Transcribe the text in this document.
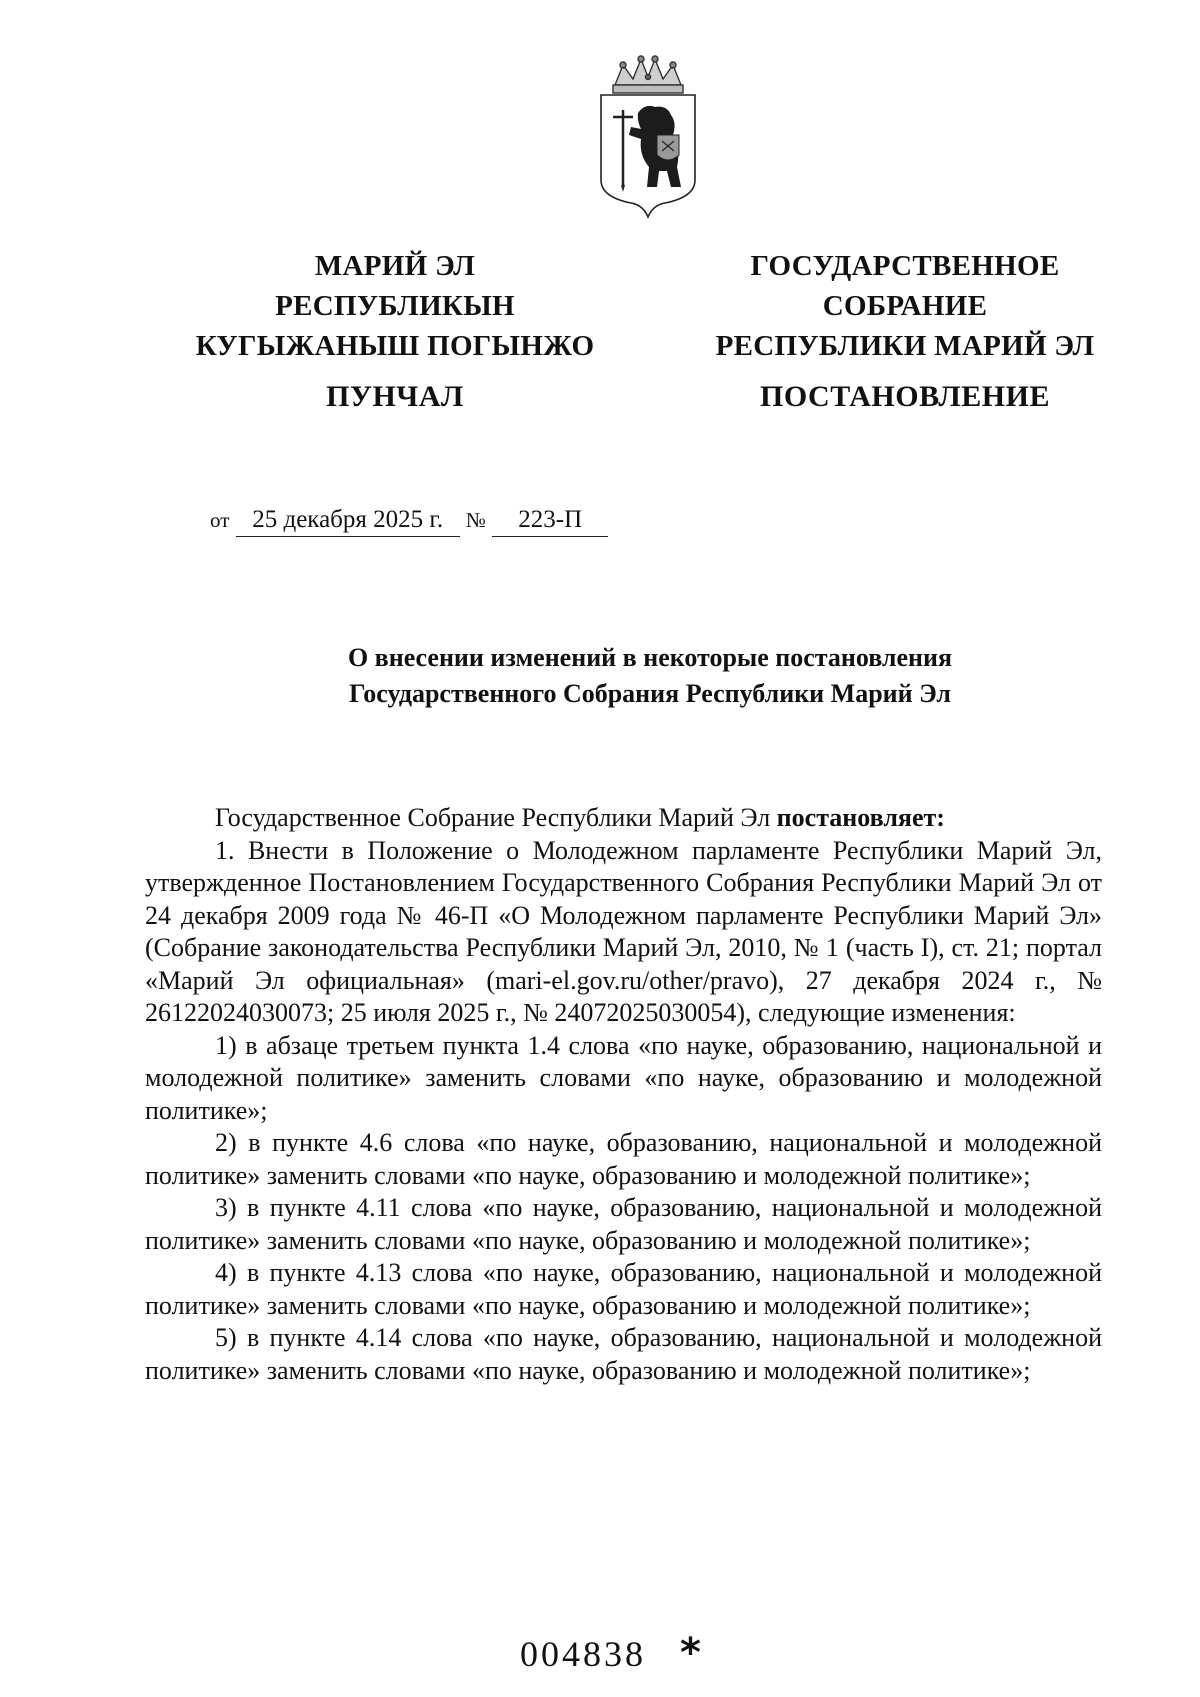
МАРИЙ ЭЛ
РЕСПУБЛИКЫН
КУГЫЖАНЫШ ПОГЫНЖО
ПУНЧАЛ
ГОСУДАРСТВЕННОЕ
СОБРАНИЕ
РЕСПУБЛИКИ МАРИЙ ЭЛ
ПОСТАНОВЛЕНИЕ
от 25 декабря 2025 г. № 223-П
О внесении изменений в некоторые постановления
Государственного Собрания Республики Марий Эл

Государственное Собрание Республики Марий Эл постановляет:

1. Внести в Положение о Молодежном парламенте Республики Марий Эл, утвержденное Постановлением Государственного Собрания Республики Марий Эл от 24 декабря 2009 года № 46-П «О Молодежном парламенте Республики Марий Эл» (Собрание законодательства Республики Марий Эл, 2010, № 1 (часть I), ст. 21; портал «Марий Эл официальная» (mari-el.gov.ru/other/pravo), 27 декабря 2024 г., № 26122024030073; 25 июля 2025 г., № 24072025030054), следующие изменения:

1) в абзаце третьем пункта 1.4 слова «по науке, образованию, национальной и молодежной политике» заменить словами «по науке, образованию и молодежной политике»;

2) в пункте 4.6 слова «по науке, образованию, национальной и молодежной политике» заменить словами «по науке, образованию и молодежной политике»;

3) в пункте 4.11 слова «по науке, образованию, национальной и молодежной политике» заменить словами «по науке, образованию и молодежной политике»;

4) в пункте 4.13 слова «по науке, образованию, национальной и молодежной политике» заменить словами «по науке, образованию и молодежной политике»;

5) в пункте 4.14 слова «по науке, образованию, национальной и молодежной политике» заменить словами «по науке, образованию и молодежной политике»;

004838 *
